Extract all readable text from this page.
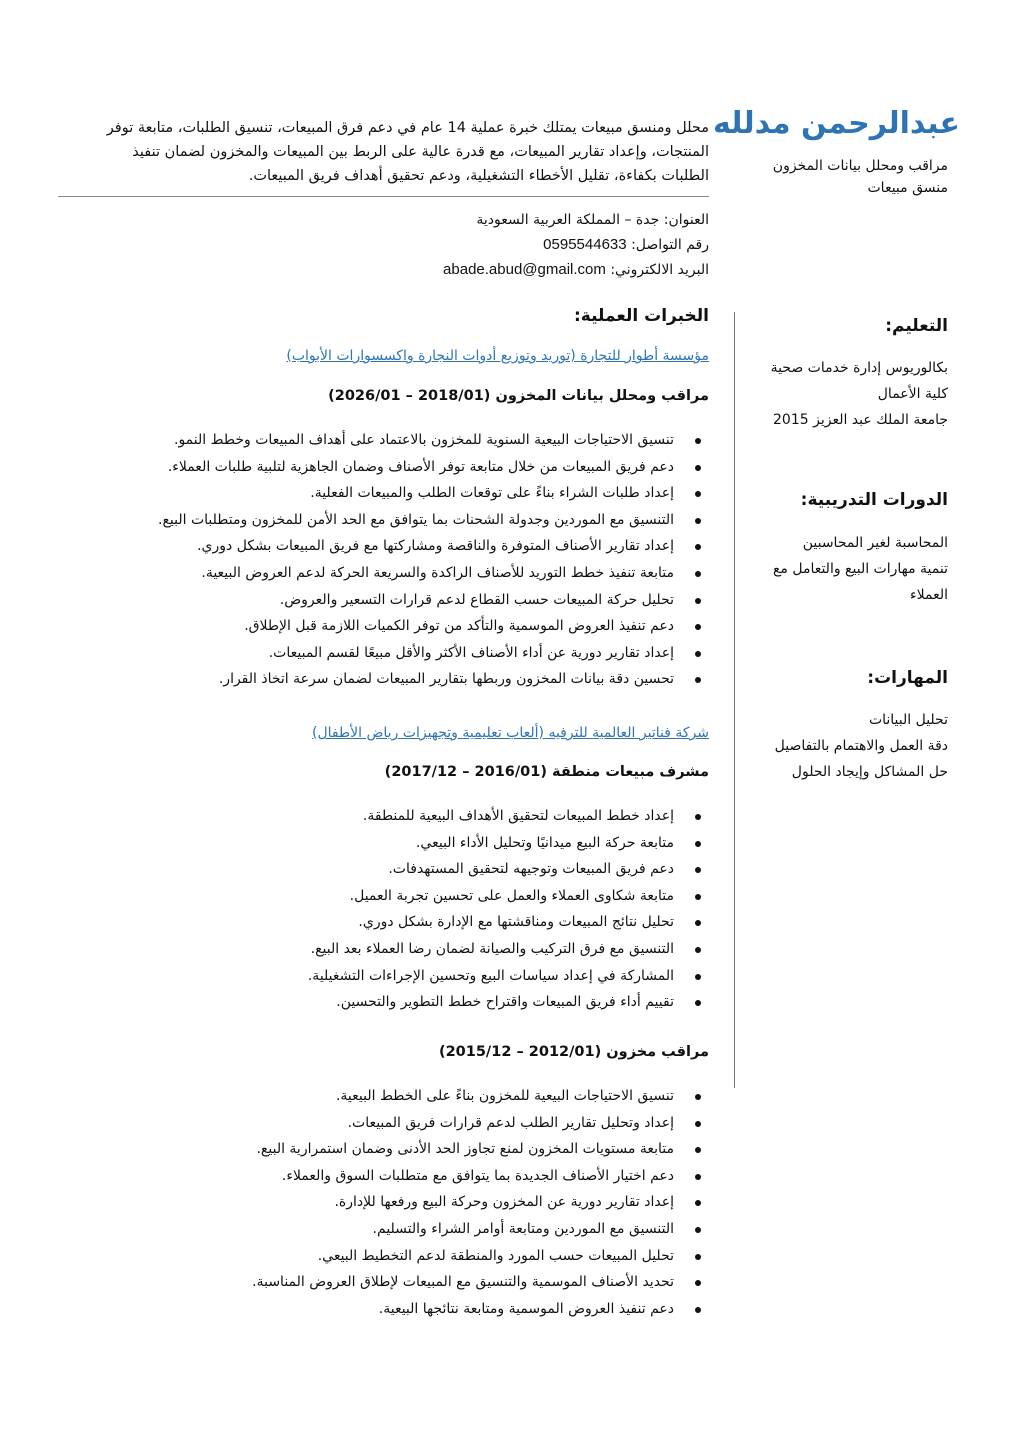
عبدالرحمن مدلله
مراقب ومحلل بيانات المخزون
منسق مبيعات
محلل ومنسق مبيعات يمتلك خبرة عملية 14 عام في دعم فرق المبيعات، تنسيق الطلبات، متابعة توفر
المنتجات، وإعداد تقارير المبيعات، مع قدرة عالية على الربط بين المبيعات والمخزون لضمان تنفيذ
الطلبات بكفاءة، تقليل الأخطاء التشغيلية، ودعم تحقيق أهداف فريق المبيعات.
العنوان: جدة – المملكة العربية السعودية
رقم التواصل: 0595544633
البريد الالكتروني: abade.abud@gmail.com
التعليم:
بكالوريوس إدارة خدمات صحية
كلية الأعمال
جامعة الملك عبد العزيز 2015
الدورات التدريبية:
المحاسبة لغير المحاسبين
تنمية مهارات البيع والتعامل مع
العملاء
المهارات:
تحليل البيانات
دقة العمل والاهتمام بالتفاصيل
حل المشاكل وإيجاد الحلول
الخبرات العملية:
مؤسسة أطوار للتجارة (توريد وتوزيع أدوات النجارة واكسسوارات الأبواب)
مراقب ومحلل بيانات المخزون (2018/01 – 2026/01)
تنسيق الاحتياجات البيعية السنوية للمخزون بالاعتماد على أهداف المبيعات وخطط النمو.
دعم فريق المبيعات من خلال متابعة توفر الأصناف وضمان الجاهزية لتلبية طلبات العملاء.
إعداد طلبات الشراء بناءً على توقعات الطلب والمبيعات الفعلية.
التنسيق مع الموردين وجدولة الشحنات بما يتوافق مع الحد الأمن للمخزون ومتطلبات البيع.
إعداد تقارير الأصناف المتوفرة والناقصة ومشاركتها مع فريق المبيعات بشكل دوري.
متابعة تنفيذ خطط التوريد للأصناف الراكدة والسريعة الحركة لدعم العروض البيعية.
تحليل حركة المبيعات حسب القطاع لدعم قرارات التسعير والعروض.
دعم تنفيذ العروض الموسمية والتأكد من توفر الكميات اللازمة قبل الإطلاق.
إعداد تقارير دورية عن أداء الأصناف الأكثر والأقل مبيعًا لقسم المبيعات.
تحسين دقة بيانات المخزون وربطها بتقارير المبيعات لضمان سرعة اتخاذ القرار.
شركة فناتير العالمية للترفيه (ألعاب تعليمية وتجهيزات رياض الأطفال)
مشرف مبيعات منطقة (2016/01 – 2017/12)
إعداد خطط المبيعات لتحقيق الأهداف البيعية للمنطقة.
متابعة حركة البيع ميدانيًا وتحليل الأداء البيعي.
دعم فريق المبيعات وتوجيهه لتحقيق المستهدفات.
متابعة شكاوى العملاء والعمل على تحسين تجربة العميل.
تحليل نتائج المبيعات ومناقشتها مع الإدارة بشكل دوري.
التنسيق مع فرق التركيب والصيانة لضمان رضا العملاء بعد البيع.
المشاركة في إعداد سياسات البيع وتحسين الإجراءات التشغيلية.
تقييم أداء فريق المبيعات واقتراح خطط التطوير والتحسين.
مراقب مخزون (2012/01 – 2015/12)
تنسيق الاحتياجات البيعية للمخزون بناءً على الخطط البيعية.
إعداد وتحليل تقارير الطلب لدعم قرارات فريق المبيعات.
متابعة مستويات المخزون لمنع تجاوز الحد الأدنى وضمان استمرارية البيع.
دعم اختيار الأصناف الجديدة بما يتوافق مع متطلبات السوق والعملاء.
إعداد تقارير دورية عن المخزون وحركة البيع ورفعها للإدارة.
التنسيق مع الموردين ومتابعة أوامر الشراء والتسليم.
تحليل المبيعات حسب المورد والمنطقة لدعم التخطيط البيعي.
تحديد الأصناف الموسمية والتنسيق مع المبيعات لإطلاق العروض المناسبة.
دعم تنفيذ العروض الموسمية ومتابعة نتائجها البيعية.
